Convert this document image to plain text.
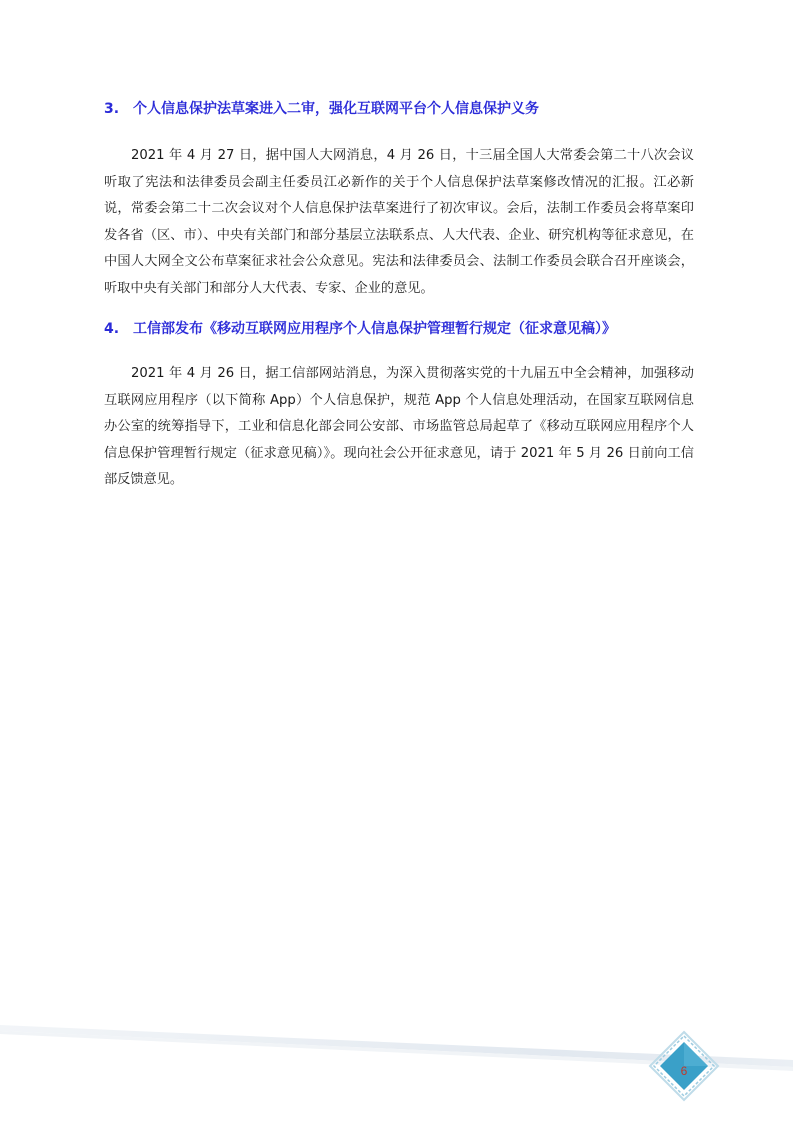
3. 个人信息保护法草案进入二审，强化互联网平台个人信息保护义务

2021 年 4 月 27 日，据中国人大网消息，4 月 26 日，十三届全国人大常委会第二十八次会议听取了宪法和法律委员会副主任委员江必新作的关于个人信息保护法草案修改情况的汇报。江必新说，常委会第二十二次会议对个人信息保护法草案进行了初次审议。会后，法制工作委员会将草案印发各省（区、市）、中央有关部门和部分基层立法联系点、人大代表、企业、研究机构等征求意见，在中国人大网全文公布草案征求社会公众意见。宪法和法律委员会、法制工作委员会联合召开座谈会，听取中央有关部门和部分人大代表、专家、企业的意见。

4. 工信部发布《移动互联网应用程序个人信息保护管理暂行规定（征求意见稿）》

2021 年 4 月 26 日，据工信部网站消息，为深入贯彻落实党的十九届五中全会精神，加强移动互联网应用程序（以下简称 App）个人信息保护，规范 App 个人信息处理活动，在国家互联网信息办公室的统筹指导下，工业和信息化部会同公安部、市场监管总局起草了《移动互联网应用程序个人信息保护管理暂行规定（征求意见稿）》。现向社会公开征求意见，请于 2021 年 5 月 26 日前向工信部反馈意见。

6
